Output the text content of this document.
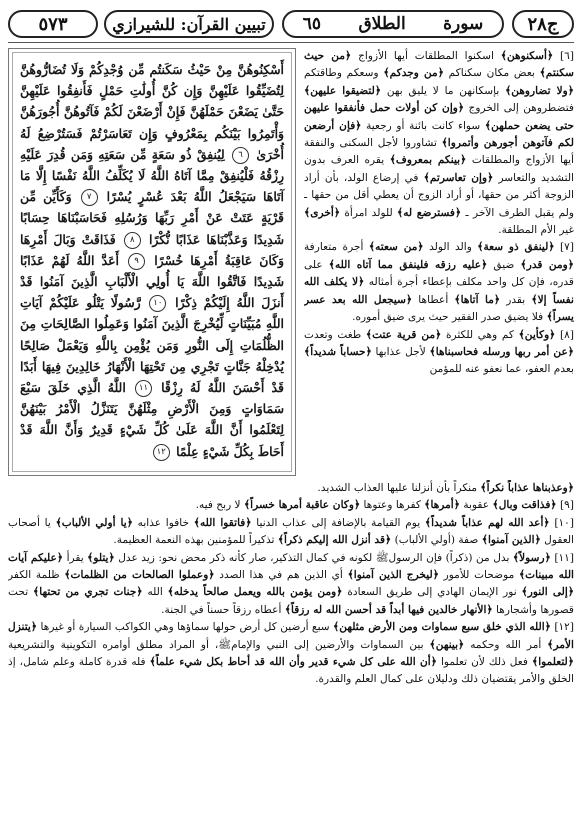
ج٢٨
سورة
الطلاق
٦٥
تبيين القرآن: للشيرازي
٥٧٣

[٦] ﴿أسكنوهن﴾ اسكنوا المطلقات أيها الأزواج ﴿من حيث سكنتم﴾ بعض مكان سكناكم ﴿من وجدكم﴾ وسعكم وطاقتكم ﴿ولا تضاروهن﴾ بإسكانهن ما لا يليق بهن ﴿لتضيقوا عليهن﴾ فتضطروهن إلى الخروج ﴿وإن كن أولات حمل فأنفقوا عليهن حتى يضعن حملهن﴾ سواء كانت بائنة أو رجعية ﴿فإن أرضعن لكم فآتوهن أجورهن وأتمروا﴾ تشاوروا لأجل السكنى والنفقة أيها الأزواج والمطلقات ﴿بينكم بمعروف﴾ يقره العرف بدون التشديد والتعاسر ﴿وإن تعاسرتم﴾ في إرضاع الولد، بأن أراد الزوجة أكثر من حقها، أو أراد الزوج أن يعطي أقل من حقها ـ ولم يقبل الطرف الآخر ـ ﴿فسترضع له﴾ للولد امرأة ﴿أخرى﴾ غير الأم المطلقة.

[٧] ﴿لينفق ذو سعة﴾ والد الولد ﴿من سعته﴾ أجرة متعارفة ﴿ومن قدر﴾ ضيق ﴿عليه رزقه فلينفق مما آتاه الله﴾ على قدره، فإن كل واحد مكلف بإعطاء أجرة أمثاله ﴿لا يكلف الله نفساً إلا﴾ بقدر ﴿ما آتاها﴾ أعطاها ﴿سيجعل الله بعد عسر يسراً﴾ فلا يضيق صدر الفقير حيث يرى ضيق أموره.

[٨] ﴿وكأين﴾ كم وهي للكثرة ﴿من قرية عتت﴾ طغت وتعدت ﴿عن أمر ربها ورسله فحاسبناها﴾ لأجل عذابها ﴿حساباً شديداً﴾ بعدم العفو، عما نعفو عنه للمؤمن

أَسْكِنُوهُنَّ مِنْ حَيْثُ سَكَنتُم مِّن وُجْدِكُمْ وَلَا تُضَارُّوهُنَّ لِتُضَيِّقُوا عَلَيْهِنَّ وَإِن كُنَّ أُولَٰتِ حَمْلٍ فَأَنفِقُوا عَلَيْهِنَّ حَتَّىٰ يَضَعْنَ حَمْلَهُنَّ فَإِنْ أَرْضَعْنَ لَكُمْ فَآتُوهُنَّ أُجُورَهُنَّ وَأْتَمِرُوا بَيْنَكُم بِمَعْرُوفٍ وَإِن تَعَاسَرْتُمْ فَسَتُرْضِعُ لَهُ أُخْرَىٰ ٦ لِيُنفِقْ ذُو سَعَةٍ مِّن سَعَتِهِ وَمَن قُدِرَ عَلَيْهِ رِزْقُهُ فَلْيُنفِقْ مِمَّا آتَاهُ اللَّهُ لَا يُكَلِّفُ اللَّهُ نَفْسًا إِلَّا مَا آتَاهَا سَيَجْعَلُ اللَّهُ بَعْدَ عُسْرٍ يُسْرًا ٧ وَكَأَيِّن مِّن قَرْيَةٍ عَتَتْ عَنْ أَمْرِ رَبِّهَا وَرُسُلِهِ فَحَاسَبْنَاهَا حِسَابًا شَدِيدًا وَعَذَّبْنَاهَا عَذَابًا نُّكْرًا ٨ فَذَاقَتْ وَبَالَ أَمْرِهَا وَكَانَ عَاقِبَةُ أَمْرِهَا خُسْرًا ٩ أَعَدَّ اللَّهُ لَهُمْ عَذَابًا شَدِيدًا فَاتَّقُوا اللَّهَ يَا أُولِي الْأَلْبَابِ الَّذِينَ آمَنُوا قَدْ أَنزَلَ اللَّهُ إِلَيْكُمْ ذِكْرًا ١٠ رَّسُولًا يَتْلُو عَلَيْكُمْ آيَاتِ اللَّهِ مُبَيِّنَاتٍ لِّيُخْرِجَ الَّذِينَ آمَنُوا وَعَمِلُوا الصَّالِحَاتِ مِنَ الظُّلُمَاتِ إِلَى النُّورِ وَمَن يُؤْمِن بِاللَّهِ وَيَعْمَلْ صَالِحًا يُدْخِلْهُ جَنَّاتٍ تَجْرِي مِن تَحْتِهَا الْأَنْهَارُ خَالِدِينَ فِيهَا أَبَدًا قَدْ أَحْسَنَ اللَّهُ لَهُ رِزْقًا ١١ اللَّهُ الَّذِي خَلَقَ سَبْعَ سَمَاوَاتٍ وَمِنَ الْأَرْضِ مِثْلَهُنَّ يَتَنَزَّلُ الْأَمْرُ بَيْنَهُنَّ لِتَعْلَمُوا أَنَّ اللَّهَ عَلَىٰ كُلِّ شَيْءٍ قَدِيرٌ وَأَنَّ اللَّهَ قَدْ أَحَاطَ بِكُلِّ شَيْءٍ عِلْمًا ١٢

﴿وعذبناها عذاباً نكراً﴾ منكراً بأن أنزلنا عليها العذاب الشديد.

[٩] ﴿فذاقت وبال﴾ عقوبة ﴿أمرها﴾ كفرها وعتوها ﴿وكان عاقبة أمرها خسراً﴾ لا ربح فيه.

[١٠] ﴿أعد الله لهم عذاباً شديداً﴾ يوم القيامة بالإضافة إلى عذاب الدنيا ﴿فاتقوا الله﴾ خافوا عذابه ﴿يا أولي الألباب﴾ يا أصحاب العقول ﴿الذين آمنوا﴾ صفة (أولي الألباب) ﴿قد أنزل الله إليكم ذكراً﴾ تذكيراً للمؤمنين بهذه النعمة العظيمة.

[١١] ﴿رسولاً﴾ بدل من (ذكراً) فإن الرسولﷺ لكونه في كمال التذكير، صار كأنه ذكر محض نحو: زيد عدل ﴿يتلو﴾ يقرأ ﴿عليكم آيات الله مبينات﴾ موضحات للأمور ﴿ليخرج الذين آمنوا﴾ أي الذين هم في هذا الصدد ﴿وعملوا الصالحات من الظلمات﴾ ظلمة الكفر ﴿إلى النور﴾ نور الإيمان الهادي إلى طريق السعادة ﴿ومن يؤمن بالله ويعمل صالحاً يدخله﴾ الله ﴿جنات تجري من تحتها﴾ تحت قصورها وأشجارها ﴿الأنهار خالدين فيها أبداً قد أحسن الله له رزقاً﴾ أعطاه رزقاً حسناً في الجنة.

[١٢] ﴿الله الذي خلق سبع سماوات ومن الأرض مثلهن﴾ سبع أرضين كل أرض حولها سماؤها وهي الكواكب السيارة أو غيرها ﴿يتنزل الأمر﴾ أمر الله وحكمه ﴿بينهن﴾ بين السماوات والأرضين إلى النبي والإمامﷺ، أو المراد مطلق أوامره التكوينية والتشريعية ﴿لتعلموا﴾ فعل ذلك لأن تعلموا ﴿أن الله على كل شيء قدير وأن الله قد أحاط بكل شيء علماً﴾ فله قدرة كاملة وعلم شامل، إذ الخلق والأمر يقتضيان ذلك ودليلان على كمال العلم والقدرة.
